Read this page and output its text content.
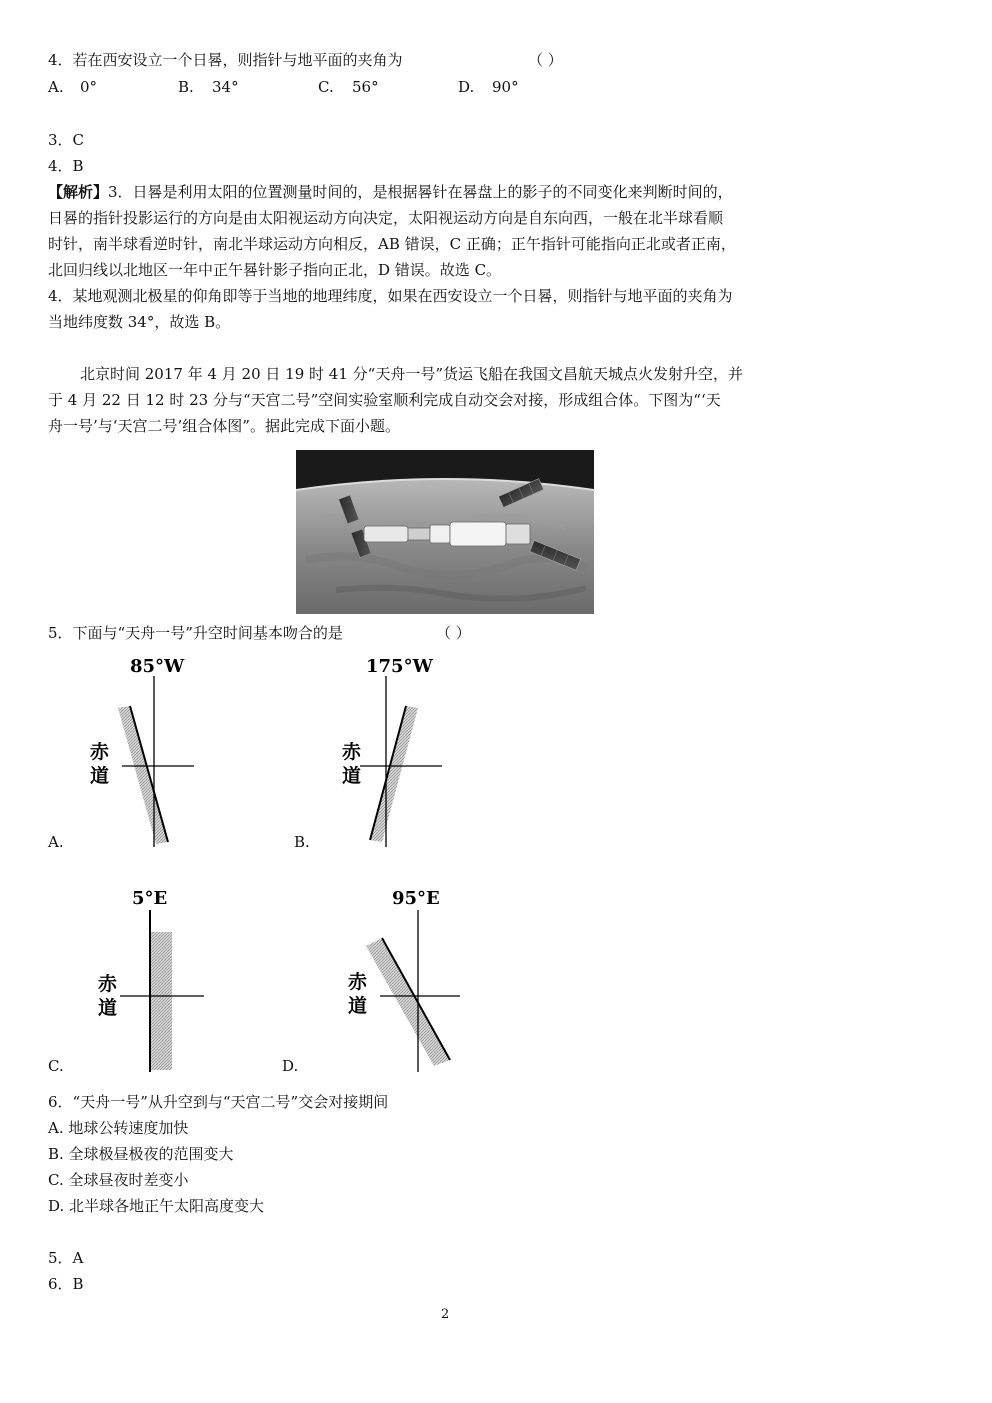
4．若在西安设立一个日晷，则指针与地平面的夹角为	（ ）
A. 0°	B. 34°	C. 56°	D. 90°
3．C
4．B
【解析】3．日晷是利用太阳的位置测量时间的，是根据晷针在晷盘上的影子的不同变化来判断时间的，
日晷的指针投影运行的方向是由太阳视运动方向决定，太阳视运动方向是自东向西，一般在北半球看顺
时针，南半球看逆时针，南北半球运动方向相反，AB 错误，C 正确；正午指针可能指向正北或者正南，
北回归线以北地区一年中正午晷针影子指向正北，D 错误。故选 C。
4．某地观测北极星的仰角即等于当地的地理纬度，如果在西安设立一个日晷，则指针与地平面的夹角为
当地纬度数 34°，故选 B。
北京时间 2017 年 4 月 20 日 19 时 41 分“天舟一号”货运飞船在我国文昌航天城点火发射升空，并
于 4 月 22 日 12 时 23 分与“天宫二号”空间实验室顺利完成自动交会对接，形成组合体。下图为“‘天
舟一号’与‘天宫二号’组合体图”。据此完成下面小题。
5．下面与“天舟一号”升空时间基本吻合的是	（ ）
85°W
赤
道
A.
175°W
赤
道
B.
5°E
赤
道
C.
95°E
赤
道
D.
6．“天舟一号”从升空到与“天宫二号”交会对接期间
A. 地球公转速度加快
B. 全球极昼极夜的范围变大
C. 全球昼夜时差变小
D. 北半球各地正午太阳高度变大
5．A
6．B
2
